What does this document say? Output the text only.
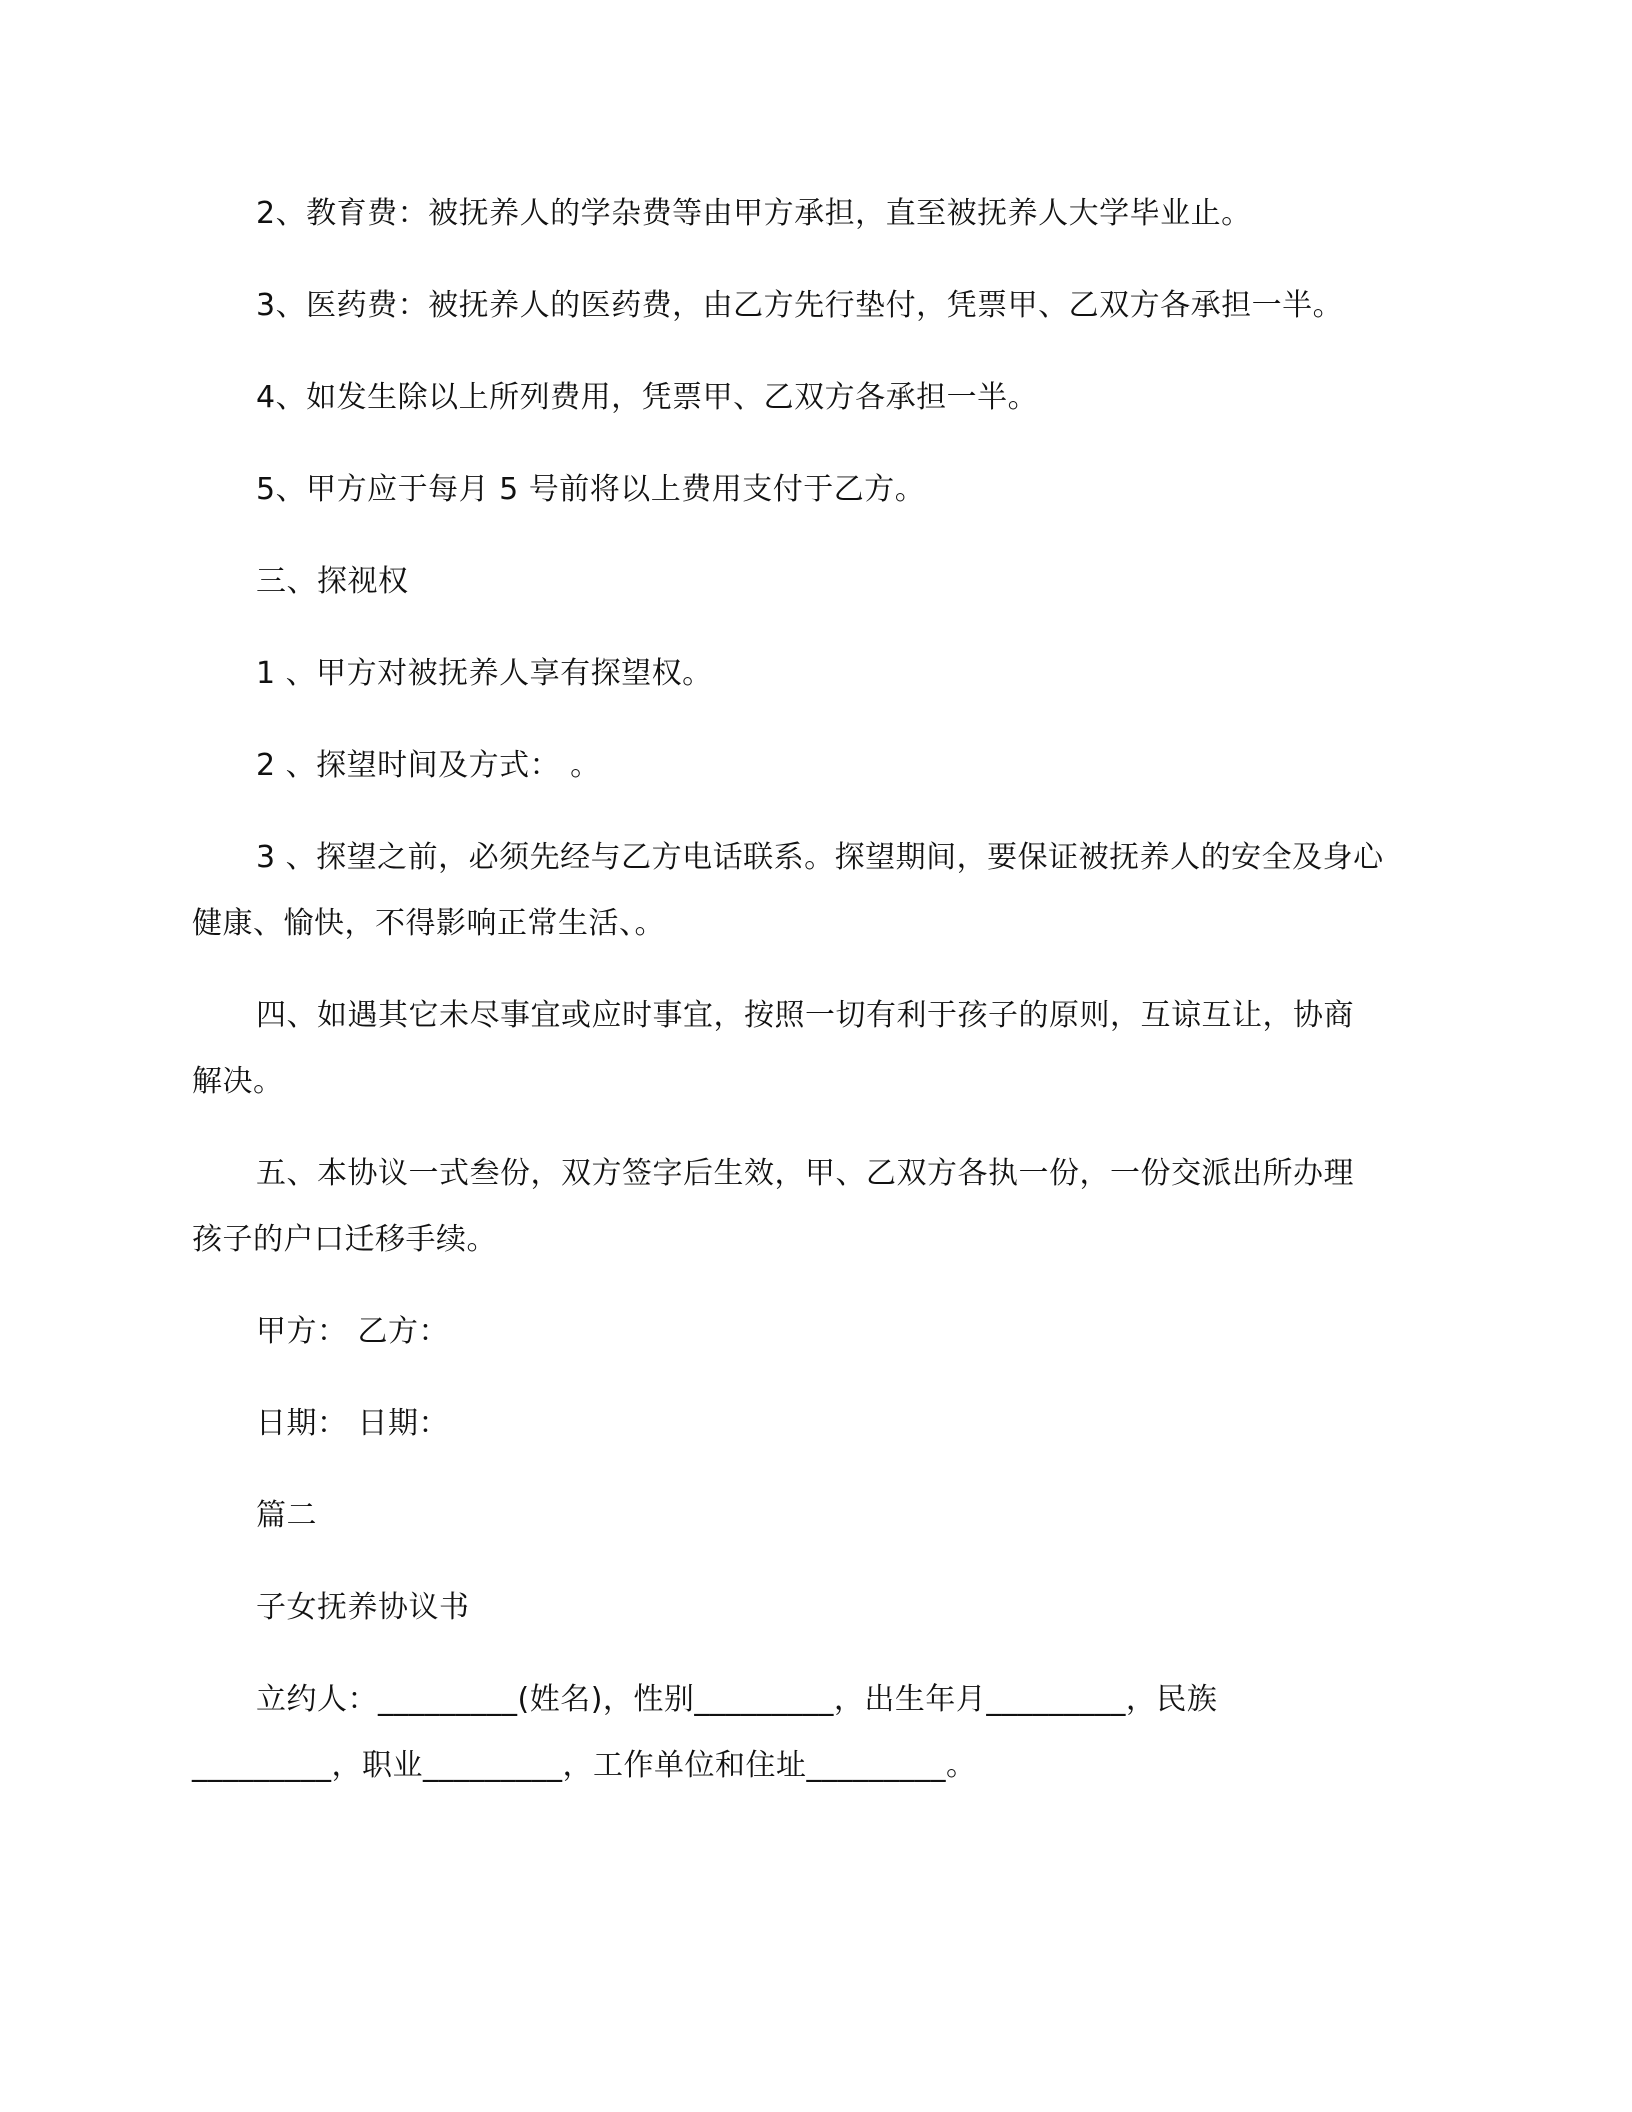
2、教育费：被抚养人的学杂费等由甲方承担，直至被抚养人大学毕业止。
3、医药费：被抚养人的医药费，由乙方先行垫付，凭票甲、乙双方各承担一半。
4、如发生除以上所列费用，凭票甲、乙双方各承担一半。
5、甲方应于每月 5 号前将以上费用支付于乙方。
三、探视权
1 、甲方对被抚养人享有探望权。
2 、探望时间及方式： 。
3 、探望之前，必须先经与乙方电话联系。探望期间，要保证被抚养人的安全及身心
健康、愉快，不得影响正常生活、。
四、如遇其它未尽事宜或应时事宜，按照一切有利于孩子的原则，互谅互让，协商
解决。
五、本协议一式叁份，双方签字后生效，甲、乙双方各执一份，一份交派出所办理
孩子的户口迁移手续。
甲方： 乙方：
日期： 日期：
篇二
子女抚养协议书
立约人：_________(姓名)，性别_________，出生年月_________，民族
_________，职业_________，工作单位和住址_________。
